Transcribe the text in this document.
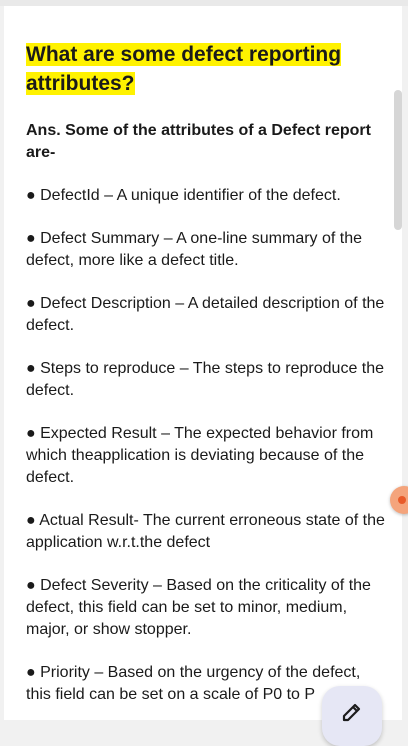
What are some defect reporting attributes?
Ans. Some of the attributes of a Defect report are-
● DefectId – A unique identifier of the defect.
● Defect Summary – A one-line summary of the defect, more like a defect title.
● Defect Description – A detailed description of the defect.
● Steps to reproduce – The steps to reproduce the defect.
● Expected Result – The expected behavior from which theapplication is deviating because of the defect.
● Actual Result- The current erroneous state of the application w.r.t.the defect
● Defect Severity – Based on the criticality of the defect, this field can be set to minor, medium, major, or show stopper.
● Priority – Based on the urgency of the defect, this field can be set on a scale of P0 to P
